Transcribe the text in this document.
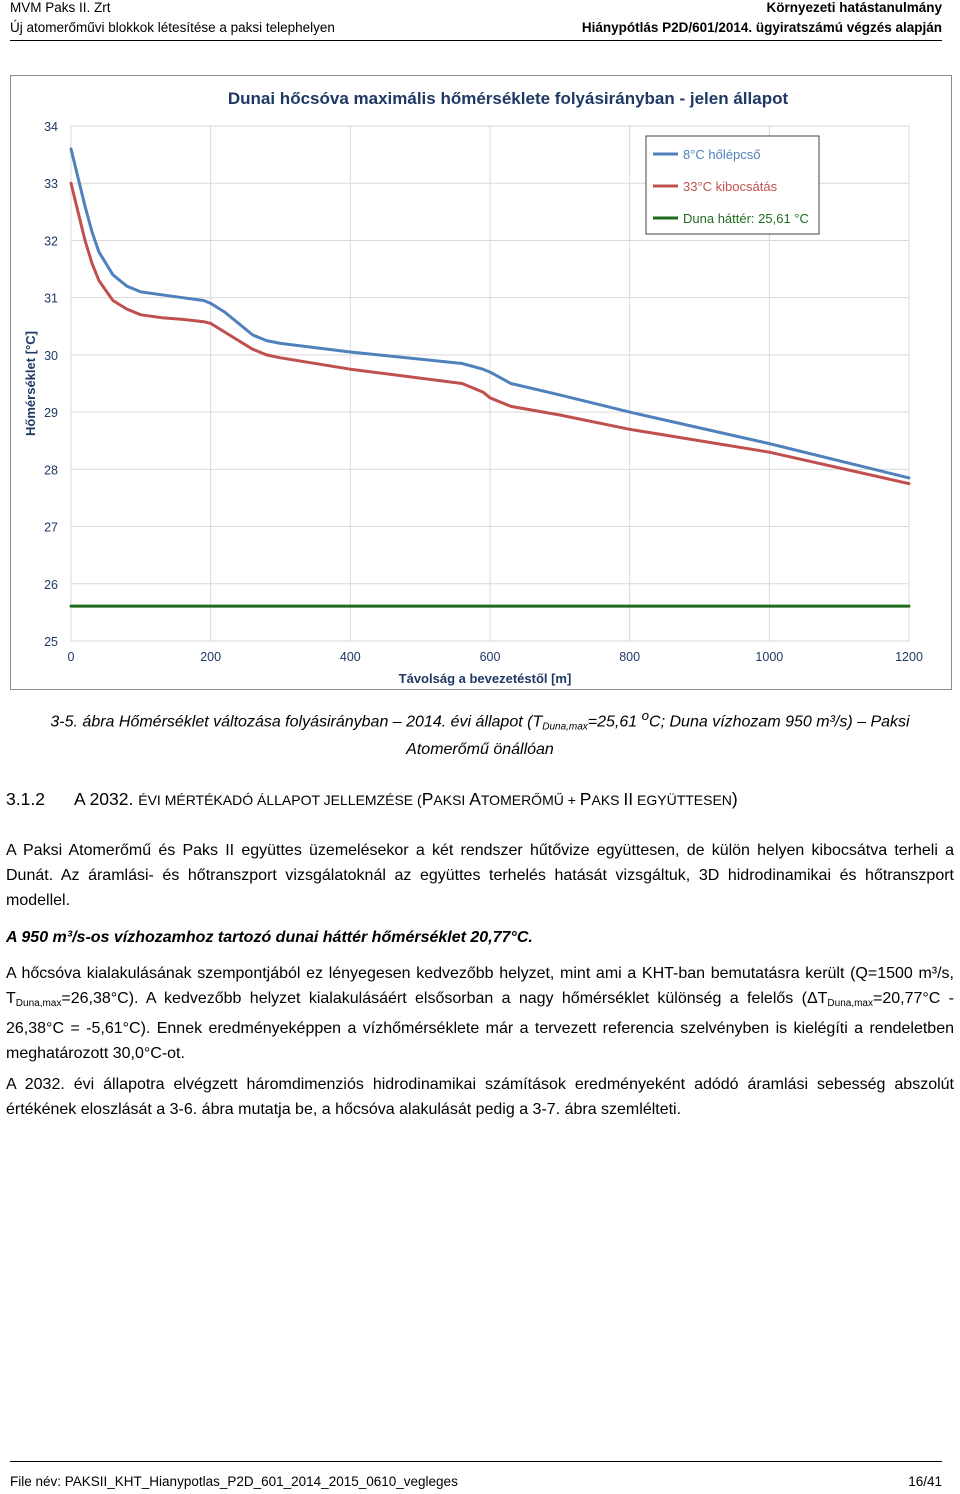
MVM Paks II. Zrt
Új atomerőművi blokkok létesítése a paksi telephelyen
Környezeti hatástanulmány
Hiánypótlás P2D/601/2014. ügyiratszámú végzés alapján
Dunai hőcsóva maximális hőmérséklete folyásirányban - jelen állapot
25
26
27
28
29
30
31
32
33
34
0	200	400	600	800	1000	1200
Távolság a bevezetéstől [m]
Hőmérséklet [°C]
8°C hőlépcső
33°C kibocsátás
Duna háttér: 25,61 °C
3-5. ábra Hőmérséklet változása folyásirányban – 2014. évi állapot ($T_{Duna,max}=25,61$ $^o$C; Duna vízhozam 950 m³/s) – Paksi Atomerőmű önállóan
3.1.2 A 2032. ÉVI MÉRTÉKADÓ ÁLLAPOT JELLEMZÉSE (PAKSI ATOMERŐMŰ + PAKS II EGYÜTTESEN)

A Paksi Atomerőmű és Paks II együttes üzemelésekor a két rendszer hűtővize együttesen, de külön helyen kibocsátva terheli a Dunát. Az áramlási- és hőtranszport vizsgálatoknál az együttes terhelés hatását vizsgáltuk, 3D hidrodinamikai és hőtranszport modellel.

A 950 m³/s-os vízhozamhoz tartozó dunai háttér hőmérséklet 20,77°C.

A hőcsóva kialakulásának szempontjából ez lényegesen kedvezőbb helyzet, mint ami a KHT-ban bemutatásra került (Q=1500 m³/s, $T_{Duna,max}=26,38^\circ C$). A kedvezőbb helyzet kialakulásáért elsősorban a nagy hőmérséklet különség a felelős $(\Delta T_{Duna,max}=20,77^\circ C - 26,38^\circ C = -5,61^\circ C)$. Ennek eredményeképpen a vízhőmérséklete már a tervezett referencia szelvényben is kielégíti a rendeletben meghatározott 30,0°C-ot.

A 2032. évi állapotra elvégzett háromdimenziós hidrodinamikai számítások eredményeként adódó áramlási sebesség abszolút értékének eloszlását a 3-6. ábra mutatja be, a hőcsóva alakulását pedig a 3-7. ábra szemlélteti.

File név: PAKSII_KHT_Hianypotlas_P2D_601_2014_2015_0610_vegleges	16/41
